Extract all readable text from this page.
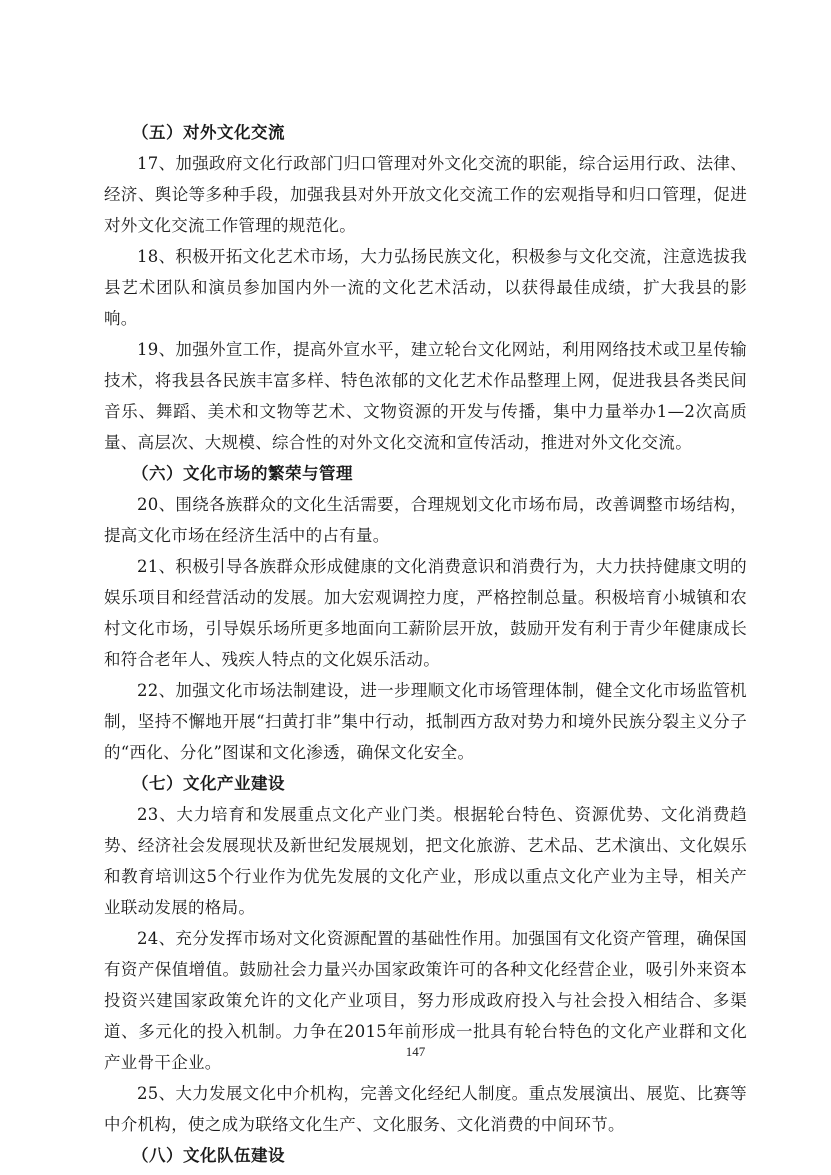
（五）对外文化交流
17、加强政府文化行政部门归口管理对外文化交流的职能，综合运用行政、法律、经济、舆论等多种手段，加强我县对外开放文化交流工作的宏观指导和归口管理，促进对外文化交流工作管理的规范化。
18、积极开拓文化艺术市场，大力弘扬民族文化，积极参与文化交流，注意选拔我县艺术团队和演员参加国内外一流的文化艺术活动，以获得最佳成绩，扩大我县的影响。
19、加强外宣工作，提高外宣水平，建立轮台文化网站，利用网络技术或卫星传输技术，将我县各民族丰富多样、特色浓郁的文化艺术作品整理上网，促进我县各类民间音乐、舞蹈、美术和文物等艺术、文物资源的开发与传播，集中力量举办1—2次高质量、高层次、大规模、综合性的对外文化交流和宣传活动，推进对外文化交流。
（六）文化市场的繁荣与管理
20、围绕各族群众的文化生活需要，合理规划文化市场布局，改善调整市场结构，提高文化市场在经济生活中的占有量。
21、积极引导各族群众形成健康的文化消费意识和消费行为，大力扶持健康文明的娱乐项目和经营活动的发展。加大宏观调控力度，严格控制总量。积极培育小城镇和农村文化市场，引导娱乐场所更多地面向工薪阶层开放，鼓励开发有利于青少年健康成长和符合老年人、残疾人特点的文化娱乐活动。
22、加强文化市场法制建设，进一步理顺文化市场管理体制，健全文化市场监管机制，坚持不懈地开展“扫黄打非”集中行动，抵制西方敌对势力和境外民族分裂主义分子的“西化、分化”图谋和文化渗透，确保文化安全。
（七）文化产业建设
23、大力培育和发展重点文化产业门类。根据轮台特色、资源优势、文化消费趋势、经济社会发展现状及新世纪发展规划，把文化旅游、艺术品、艺术演出、文化娱乐和教育培训这5个行业作为优先发展的文化产业，形成以重点文化产业为主导，相关产业联动发展的格局。
24、充分发挥市场对文化资源配置的基础性作用。加强国有文化资产管理，确保国有资产保值增值。鼓励社会力量兴办国家政策许可的各种文化经营企业，吸引外来资本投资兴建国家政策允许的文化产业项目，努力形成政府投入与社会投入相结合、多渠道、多元化的投入机制。力争在2015年前形成一批具有轮台特色的文化产业群和文化产业骨干企业。
25、大力发展文化中介机构，完善文化经纪人制度。重点发展演出、展览、比赛等中介机构，使之成为联络文化生产、文化服务、文化消费的中间环节。
（八）文化队伍建设
147
